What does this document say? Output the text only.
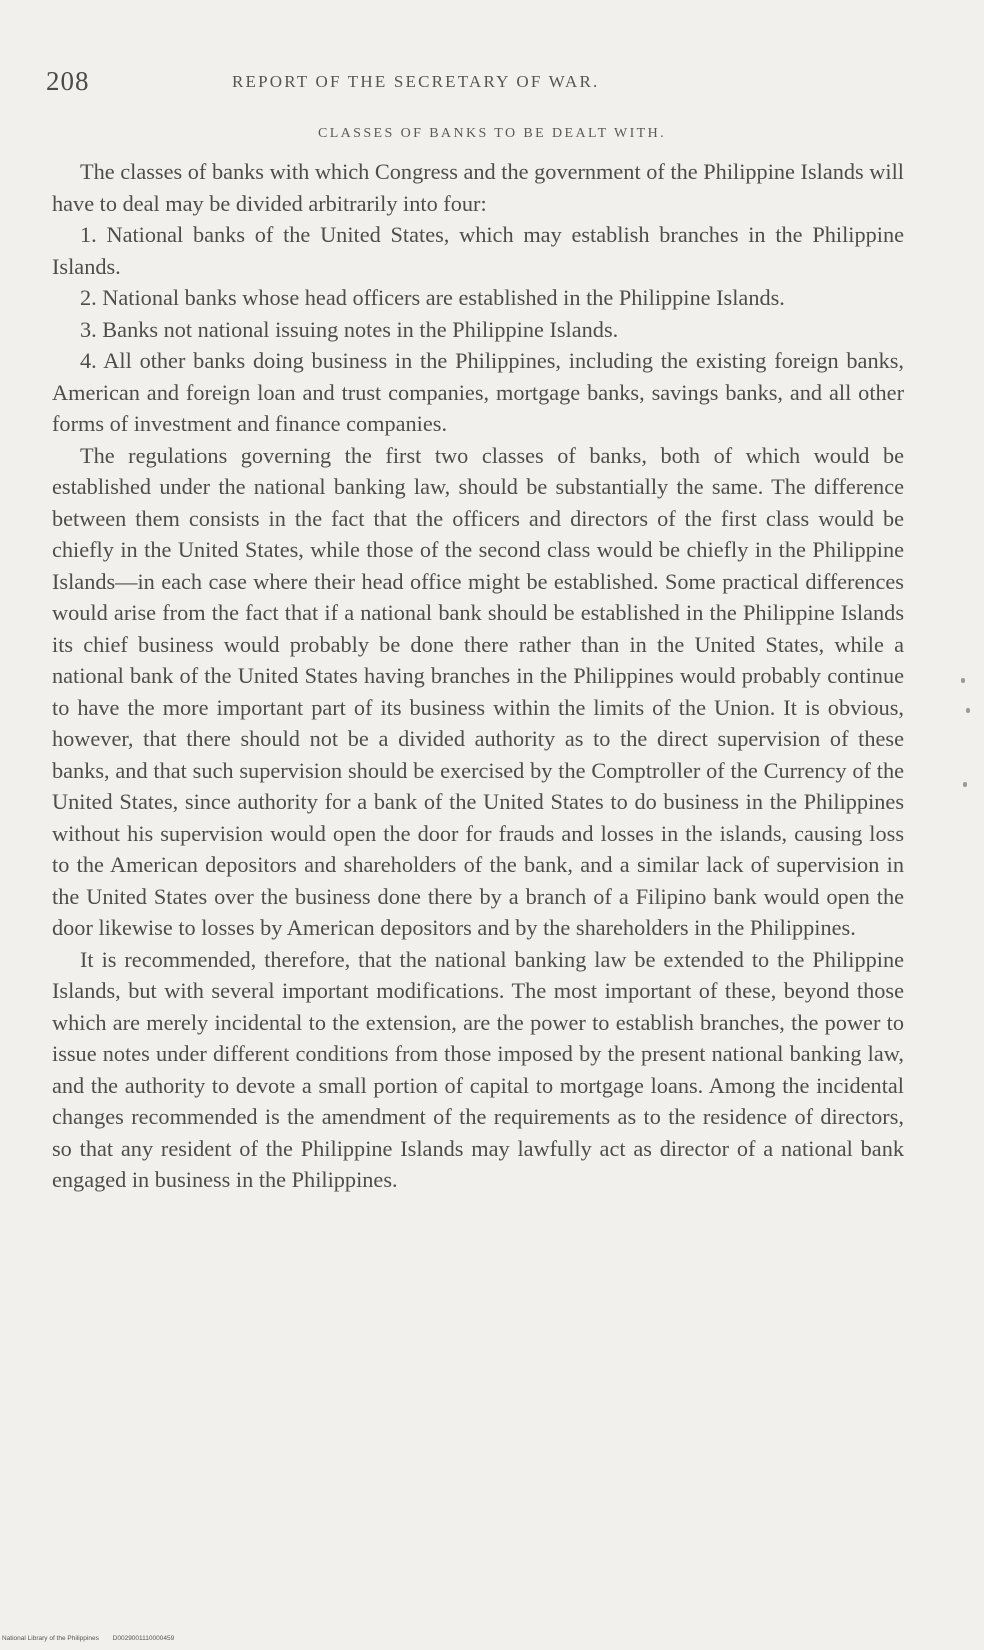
208	REPORT OF THE SECRETARY OF WAR.
CLASSES OF BANKS TO BE DEALT WITH.

The classes of banks with which Congress and the government of the Philippine Islands will have to deal may be divided arbitrarily into four:

1. National banks of the United States, which may establish branches in the Philippine Islands.

2. National banks whose head officers are established in the Philippine Islands.

3. Banks not national issuing notes in the Philippine Islands.

4. All other banks doing business in the Philippines, including the existing foreign banks, American and foreign loan and trust companies, mortgage banks, savings banks, and all other forms of investment and finance companies.

The regulations governing the first two classes of banks, both of which would be established under the national banking law, should be substantially the same. The difference between them consists in the fact that the officers and directors of the first class would be chiefly in the United States, while those of the second class would be chiefly in the Philippine Islands—in each case where their head office might be established. Some practical differences would arise from the fact that if a national bank should be established in the Philippine Islands its chief business would probably be done there rather than in the United States, while a national bank of the United States having branches in the Philippines would probably continue to have the more important part of its business within the limits of the Union. It is obvious, however, that there should not be a divided authority as to the direct supervision of these banks, and that such supervision should be exercised by the Comptroller of the Currency of the United States, since authority for a bank of the United States to do business in the Philippines without his supervision would open the door for frauds and losses in the islands, causing loss to the American depositors and shareholders of the bank, and a similar lack of supervision in the United States over the business done there by a branch of a Filipino bank would open the door likewise to losses by American depositors and by the shareholders in the Philippines.

It is recommended, therefore, that the national banking law be extended to the Philippine Islands, but with several important modifications. The most important of these, beyond those which are merely incidental to the extension, are the power to establish branches, the power to issue notes under different conditions from those imposed by the present national banking law, and the authority to devote a small portion of capital to mortgage loans. Among the incidental changes recommended is the amendment of the requirements as to the residence of directors, so that any resident of the Philippine Islands may lawfully act as director of a national bank engaged in business in the Philippines.

National Library of the Philippines D0029001110000459
